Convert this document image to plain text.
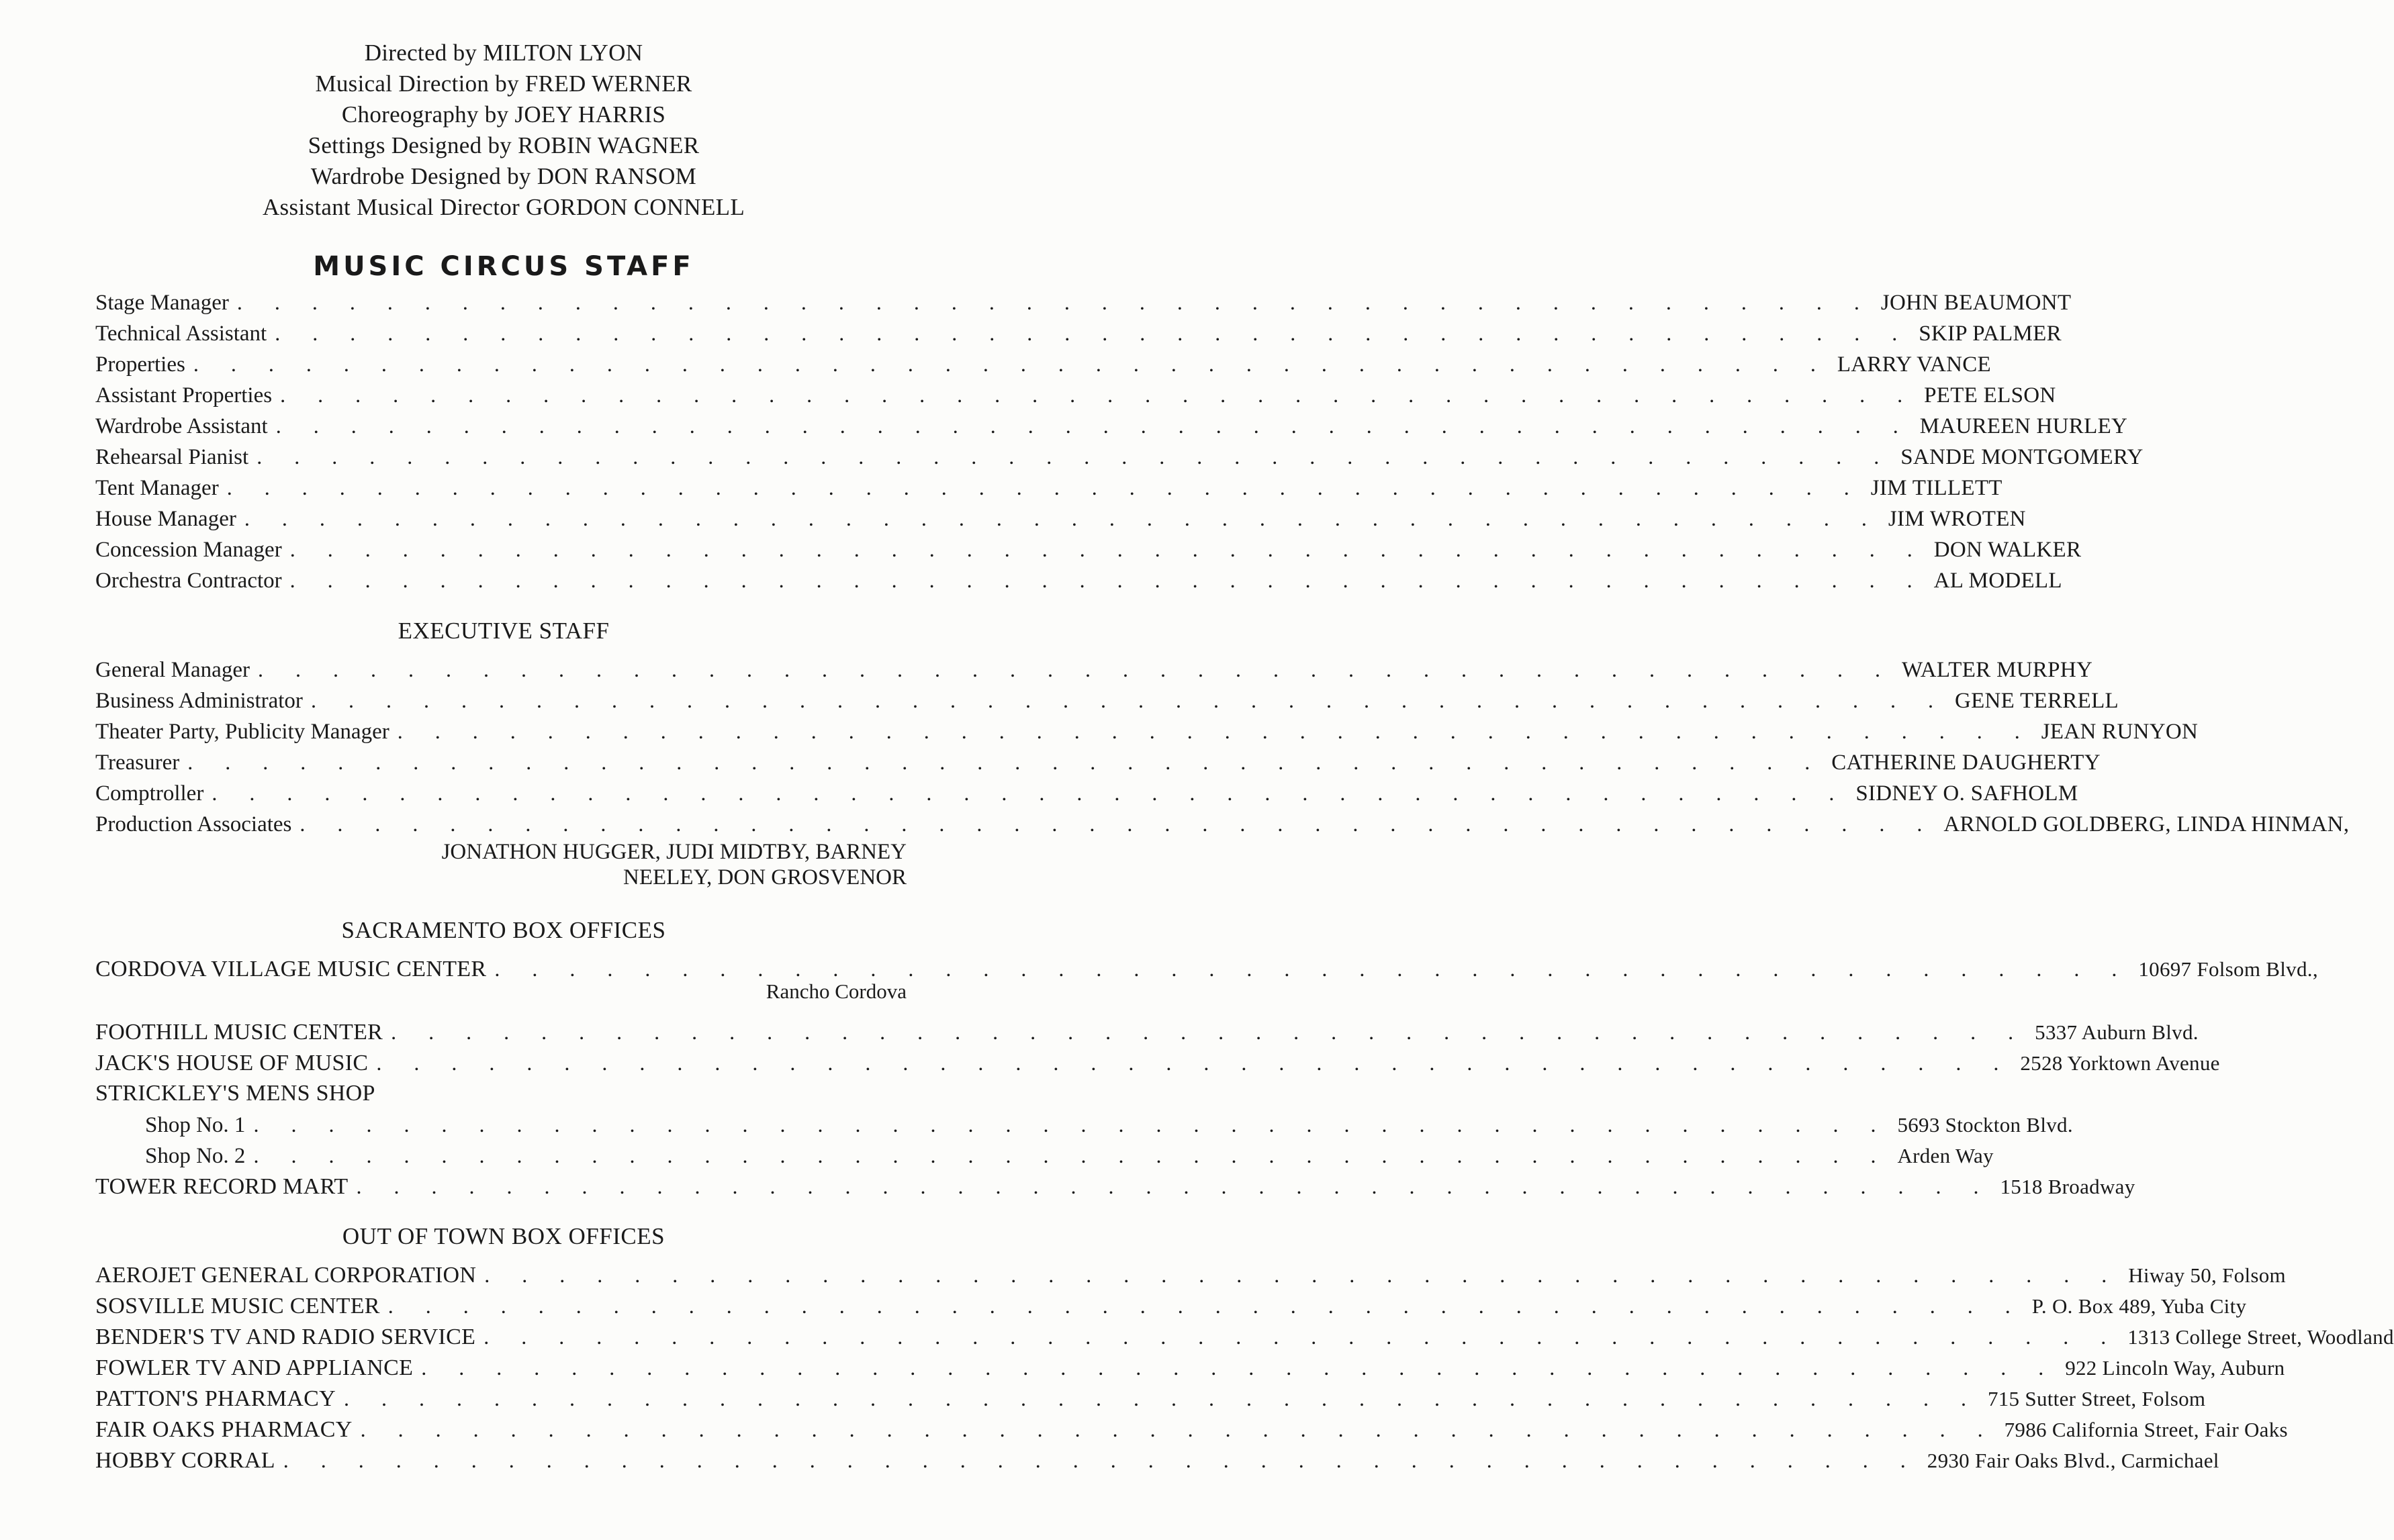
Directed by MILTON LYON
Musical Direction by FRED WERNER
Choreography by JOEY HARRIS
Settings Designed by ROBIN WAGNER
Wardrobe Designed by DON RANSOM
Assistant Musical Director GORDON CONNELL
MUSIC CIRCUS STAFF
Stage Manager . . . . . . . . . . . . . . . . . . . . . . . . . . . . . . . . . . . . . . . . . . . . JOHN BEAUMONT
Technical Assistant . . . . . . . . . . . . . . . . . . . . . . . . . . . . . . . . . . . . . . . . . . . . SKIP PALMER
Properties . . . . . . . . . . . . . . . . . . . . . . . . . . . . . . . . . . . . . . . . . . . . LARRY VANCE
Assistant Properties . . . . . . . . . . . . . . . . . . . . . . . . . . . . . . . . . . . . . . . . . . . . PETE ELSON
Wardrobe Assistant . . . . . . . . . . . . . . . . . . . . . . . . . . . . . . . . . . . . . . . . . . . . MAUREEN HURLEY
Rehearsal Pianist . . . . . . . . . . . . . . . . . . . . . . . . . . . . . . . . . . . . . . . . . . . . SANDE MONTGOMERY
Tent Manager . . . . . . . . . . . . . . . . . . . . . . . . . . . . . . . . . . . . . . . . . . . . JIM TILLETT
House Manager . . . . . . . . . . . . . . . . . . . . . . . . . . . . . . . . . . . . . . . . . . . . JIM WROTEN
Concession Manager . . . . . . . . . . . . . . . . . . . . . . . . . . . . . . . . . . . . . . . . . . . . DON WALKER
Orchestra Contractor . . . . . . . . . . . . . . . . . . . . . . . . . . . . . . . . . . . . . . . . . . . . AL MODELL
EXECUTIVE STAFF
General Manager . . . . . . . . . . . . . . . . . . . . . . . . . . . . . . . . . . . . . . . . . . . . WALTER MURPHY
Business Administrator . . . . . . . . . . . . . . . . . . . . . . . . . . . . . . . . . . . . . . . . . . . . GENE TERRELL
Theater Party, Publicity Manager . . . . . . . . . . . . . . . . . . . . . . . . . . . . . . . . . . . . . . . . . . . . JEAN RUNYON
Treasurer . . . . . . . . . . . . . . . . . . . . . . . . . . . . . . . . . . . . . . . . . . . . CATHERINE DAUGHERTY
Comptroller . . . . . . . . . . . . . . . . . . . . . . . . . . . . . . . . . . . . . . . . . . . . SIDNEY O. SAFHOLM
Production Associates . . . . . . . . . . . . . . . . . . . . . . . . . . . . . . . . . . . . . . . . . . . . ARNOLD GOLDBERG, LINDA HINMAN,
JONATHON HUGGER, JUDI MIDTBY, BARNEY
NEELEY, DON GROSVENOR
SACRAMENTO BOX OFFICES
CORDOVA VILLAGE MUSIC CENTER . . . . . . . . . . . . . . . . . . . . . . . . . . . . . . . . . . . . . . . . . . . . 10697 Folsom Blvd.,
Rancho Cordova
FOOTHILL MUSIC CENTER . . . . . . . . . . . . . . . . . . . . . . . . . . . . . . . . . . . . . . . . . . . . 5337 Auburn Blvd.
JACK'S HOUSE OF MUSIC . . . . . . . . . . . . . . . . . . . . . . . . . . . . . . . . . . . . . . . . . . . . 2528 Yorktown Avenue
STRICKLEY'S MENS SHOP
Shop No. 1 . . . . . . . . . . . . . . . . . . . . . . . . . . . . . . . . . . . . . . . . . . . . 5693 Stockton Blvd.
Shop No. 2 . . . . . . . . . . . . . . . . . . . . . . . . . . . . . . . . . . . . . . . . . . . . Arden Way
TOWER RECORD MART . . . . . . . . . . . . . . . . . . . . . . . . . . . . . . . . . . . . . . . . . . . . 1518 Broadway
OUT OF TOWN BOX OFFICES
AEROJET GENERAL CORPORATION . . . . . . . . . . . . . . . . . . . . . . . . . . . . . . . . . . . . . . . . . . . . Hiway 50, Folsom
SOSVILLE MUSIC CENTER . . . . . . . . . . . . . . . . . . . . . . . . . . . . . . . . . . . . . . . . . . . . P. O. Box 489, Yuba City
BENDER'S TV AND RADIO SERVICE . . . . . . . . . . . . . . . . . . . . . . . . . . . . . . . . . . . . . . . . . . . . 1313 College Street, Woodland
FOWLER TV AND APPLIANCE . . . . . . . . . . . . . . . . . . . . . . . . . . . . . . . . . . . . . . . . . . . . 922 Lincoln Way, Auburn
PATTON'S PHARMACY . . . . . . . . . . . . . . . . . . . . . . . . . . . . . . . . . . . . . . . . . . . . 715 Sutter Street, Folsom
FAIR OAKS PHARMACY . . . . . . . . . . . . . . . . . . . . . . . . . . . . . . . . . . . . . . . . . . . . 7986 California Street, Fair Oaks
HOBBY CORRAL . . . . . . . . . . . . . . . . . . . . . . . . . . . . . . . . . . . . . . . . . . . . 2930 Fair Oaks Blvd., Carmichael
